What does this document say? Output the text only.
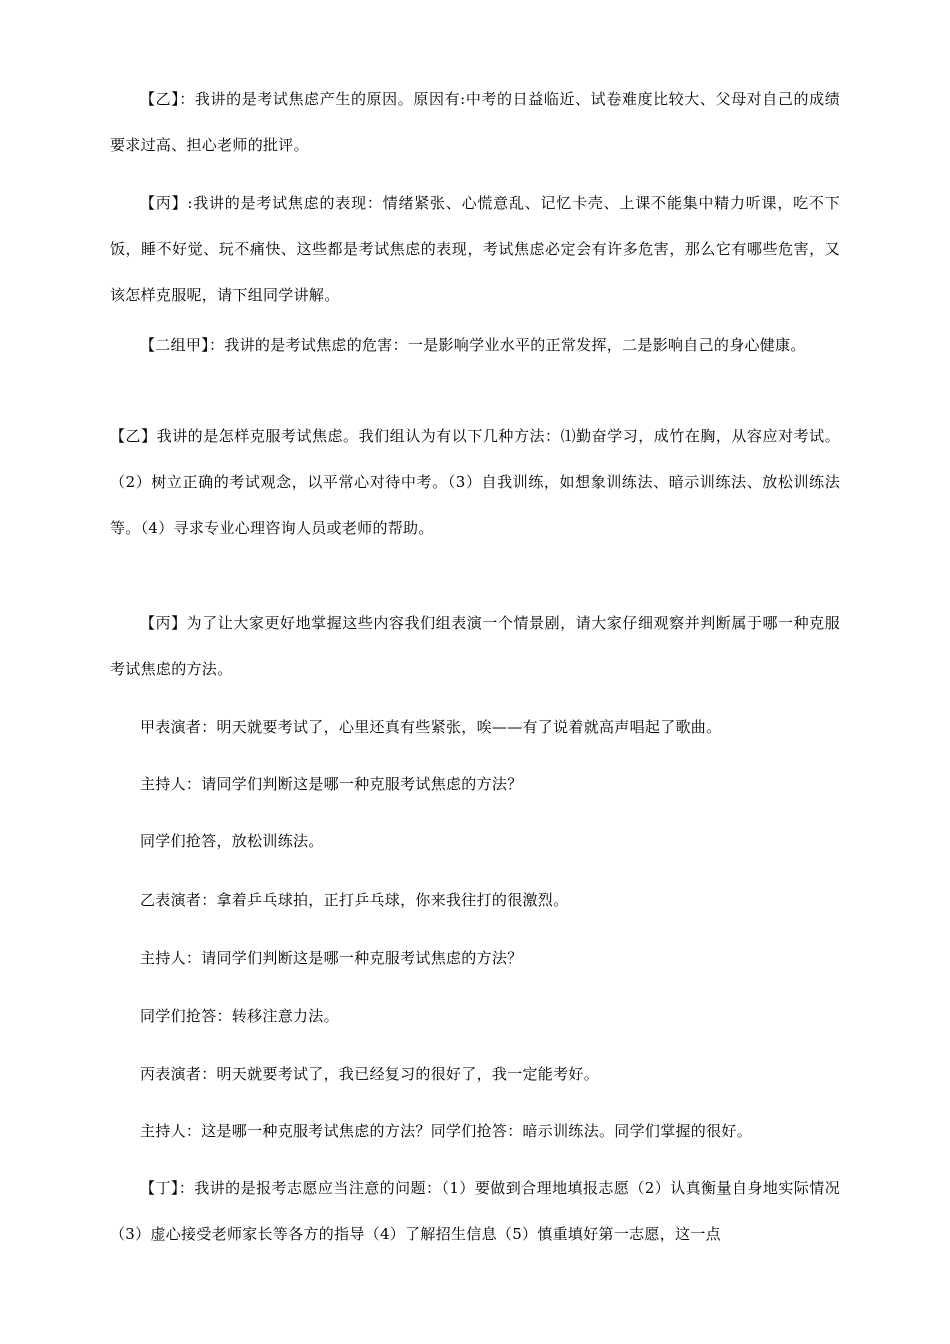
【乙】：我讲的是考试焦虑产生的原因。原因有:中考的日益临近、试卷难度比较大、父母对自己的成绩要求过高、担心老师的批评。

【丙】:我讲的是考试焦虑的表现：情绪紧张、心慌意乱、记忆卡壳、上课不能集中精力听课，吃不下饭，睡不好觉、玩不痛快、这些都是考试焦虑的表现，考试焦虑必定会有许多危害，那么它有哪些危害，又该怎样克服呢，请下组同学讲解。

【二组甲】：我讲的是考试焦虑的危害：一是影响学业水平的正常发挥，二是影响自己的身心健康。

【乙】我讲的是怎样克服考试焦虑。我们组认为有以下几种方法：⑴勤奋学习，成竹在胸，从容应对考试。（2）树立正确的考试观念，以平常心对待中考。（3）自我训练，如想象训练法、暗示训练法、放松训练法等。（4）寻求专业心理咨询人员或老师的帮助。

【丙】为了让大家更好地掌握这些内容我们组表演一个情景剧，请大家仔细观察并判断属于哪一种克服考试焦虑的方法。

甲表演者：明天就要考试了，心里还真有些紧张，唉——有了说着就高声唱起了歌曲。

主持人：请同学们判断这是哪一种克服考试焦虑的方法？

同学们抢答，放松训练法。

乙表演者：拿着乒乓球拍，正打乒乓球，你来我往打的很激烈。

主持人：请同学们判断这是哪一种克服考试焦虑的方法？

同学们抢答：转移注意力法。

丙表演者：明天就要考试了，我已经复习的很好了，我一定能考好。

主持人：这是哪一种克服考试焦虑的方法？同学们抢答：暗示训练法。同学们掌握的很好。

【丁】：我讲的是报考志愿应当注意的问题：（1）要做到合理地填报志愿（2）认真衡量自身地实际情况（3）虚心接受老师家长等各方的指导（4）了解招生信息（5）慎重填好第一志愿，这一点
